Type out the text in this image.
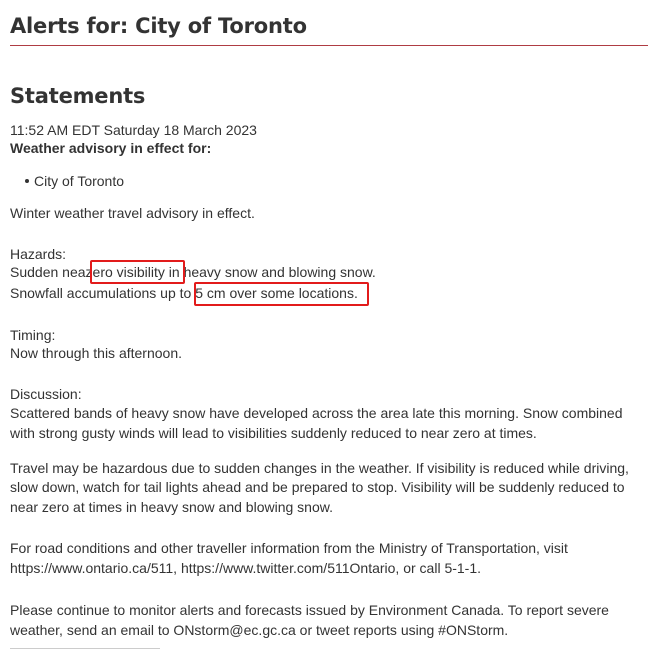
Alerts for: City of Toronto
Statements
11:52 AM EDT Saturday 18 March 2023
Weather advisory in effect for:
City of Toronto
Winter weather travel advisory in effect.
Hazards:
Sudden neazero visibility in heavy snow and blowing snow.
Snowfall accumulations up to 5 cm over some locations.
Timing:
Now through this afternoon.
Discussion:
Scattered bands of heavy snow have developed across the area late this morning. Snow combined
with strong gusty winds will lead to visibilities suddenly reduced to near zero at times.
Travel may be hazardous due to sudden changes in the weather. If visibility is reduced while driving,
slow down, watch for tail lights ahead and be prepared to stop. Visibility will be suddenly reduced to
near zero at times in heavy snow and blowing snow.
For road conditions and other traveller information from the Ministry of Transportation, visit
https://www.ontario.ca/511, https://www.twitter.com/511Ontario, or call 5-1-1.
Please continue to monitor alerts and forecasts issued by Environment Canada. To report severe
weather, send an email to ONstorm@ec.gc.ca or tweet reports using #ONStorm.
